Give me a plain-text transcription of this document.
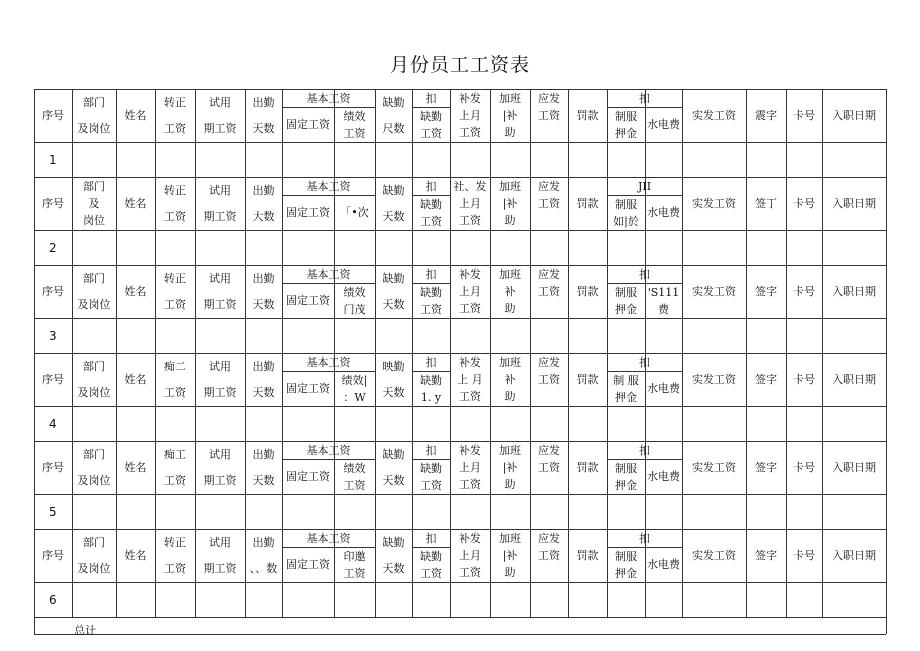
月份员工工资表
序号
部门
及岗位
姓名
转正
工资
试用
期工资
出勤
天数
基本工资
固定工资
绩效
工资
缺勤
尺数
扣
缺勤
工资
补发
上月
工资
加班
|补
助
应发
工资 罚款
扣
制服
押金
水电费
实发工资 震字 卡号 入职日期
1
序号
部门
及
岗位
姓名
转正
工资
试用
期工资
出勤
大数
基本工资
固定工资 「•次
缺勤
天数
扣
缺勤
工资
社、发
上月
工资
加班
|补
助
应发
工资 罚款
JII
制服
如|於
水电费
实发工资 签丁 卡号 入职日期
2
序号
部门
及岗位
姓名
转正
工资
试用
期工资
出勤
天数
基本工资
固定工资
绩效
门茂
缺勤
天数
扣
缺勤
工资
补发
上月
工资
加班
补
助
应发
工资 罚款
扣
制服
押金
'S111
费
实发工资 签字 卡号 入职日期
3
序号
部门
及岗位
姓名
痴二
工资
试用
期工资
出勤
天数
基本工资
固定工资
绩效|
：W
映勤
天数
扣
缺勤
1. y
补发
上 月
工资
加班
补
助
应发
工资 罚款
扣
制 服
押金
水电费
实发工资 签字 卡号 入职日期
4
序号
部门
及岗位
姓名
痴工
工资
试用
期工资
出勤
天数
基本工资
固定工资
绩效
工资
缺勤
天数
扣
缺勤
工资
补发
上月
工资
加班
|补
助
应发
工资 罚款
扣
制服
押金
水电费
实发工资 签字 卡号 入职日期
5
序号
部门
及岗位
姓名
转正
工资
试用
期工资
出勤
、、数
基本工资
固定工资
印邀
工资
缺勤
天数
扣
缺勤
工资
补发
上月
工资
加班
|补
助
应发
工资 罚款
扣
制服
押金
水电费
实发工资 签字 卡号 入职日期
6
总计
